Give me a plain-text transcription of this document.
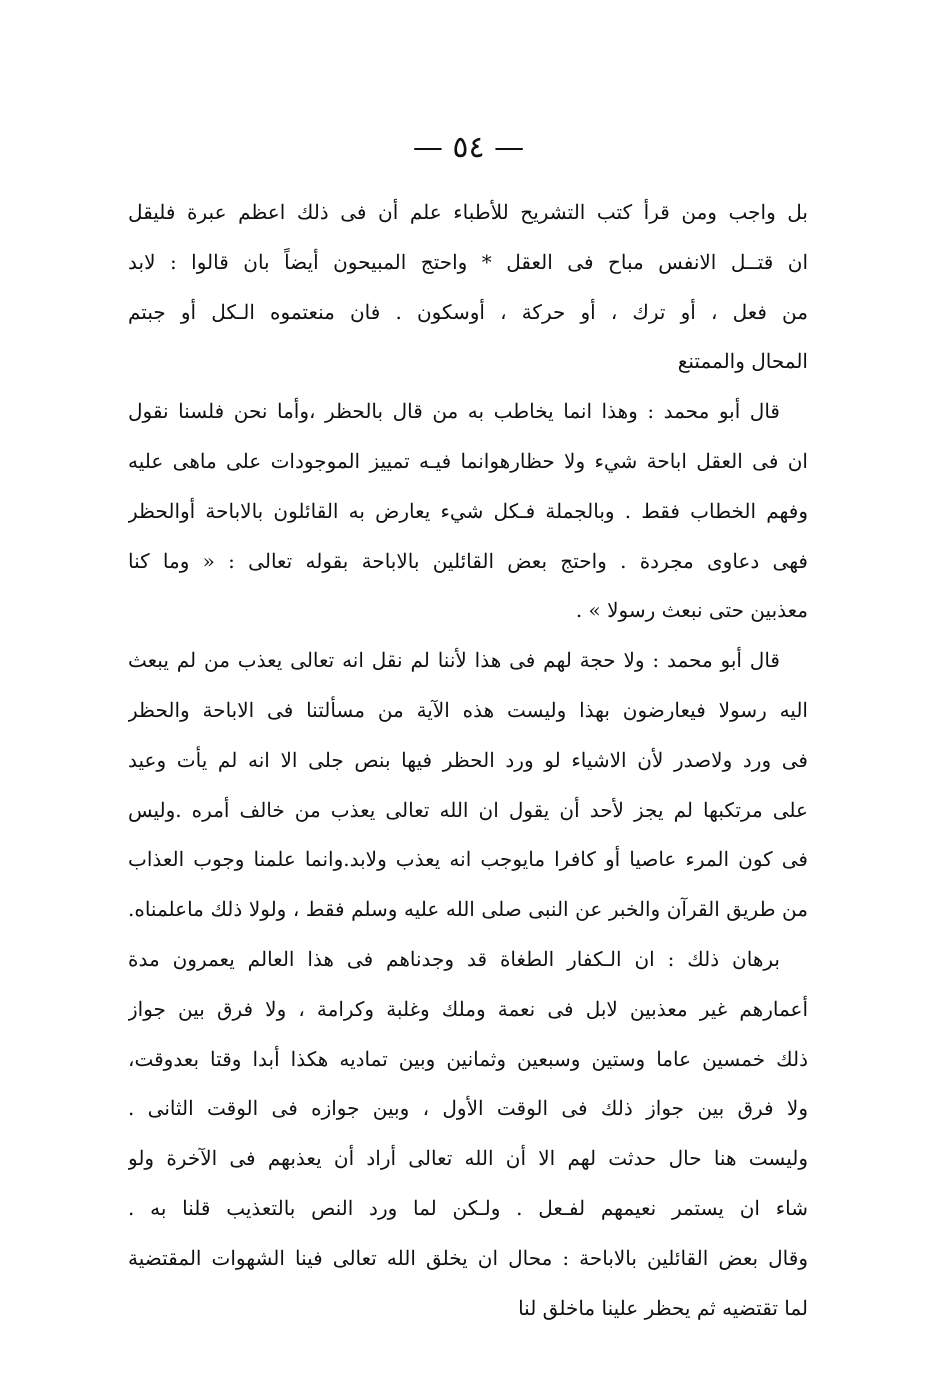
— ٥٤ —
بل واجب ومن قرأ كتب التشريح للأطباء علم أن فى ذلك اعظم عبرة فليقل
ان قتــل الانفس مباح فى العقل * واحتج المبيحون أيضاً بان قالوا : لابد
من فعل ، أو ترك ، أو حركة ، أوسكون . فان منعتموه الـكل أو جبتم
المحال والممتنع
قال أبو محمد : وهذا انما يخاطب به من قال بالحظر ،وأما نحن فلسنا نقول
ان فى العقل اباحة شيء ولا حظارهوانما فيـه تمييز الموجودات على ماهى عليه
وفهم الخطاب فقط . وبالجملة فـكل شيء يعارض به القائلون بالاباحة أوالحظر
فهى دعاوى مجردة . واحتج بعض القائلين بالاباحة بقوله تعالى : « وما كنا
معذبين حتى نبعث رسولا » .
قال أبو محمد : ولا حجة لهم فى هذا لأننا لم نقل انه تعالى يعذب من لم يبعث
اليه رسولا فيعارضون بهذا وليست هذه الآية من مسألتنا فى الاباحة والحظر
فى ورد ولاصدر لأن الاشياء لو ورد الحظر فيها بنص جلى الا انه لم يأت وعيد
على مرتكبها لم يجز لأحد أن يقول ان الله تعالى يعذب من خالف أمره .وليس
فى كون المرء عاصيا أو كافرا مايوجب انه يعذب ولابد.وانما علمنا وجوب العذاب
من طريق القرآن والخبر عن النبى صلى الله عليه وسلم فقط ، ولولا ذلك ماعلمناه.
برهان ذلك : ان الـكفار الطغاة قد وجدناهم فى هذا العالم يعمرون مدة
أعمارهم غير معذبين لابل فى نعمة وملك وغلبة وكرامة ، ولا فرق بين جواز
ذلك خمسين عاما وستين وسبعين وثمانين وبين تماديه هكذا أبدا وقتا بعدوقت،
ولا فرق بين جواز ذلك فى الوقت الأول ، وبين جوازه فى الوقت الثانى .
وليست هنا حال حدثت لهم الا أن الله تعالى أراد أن يعذبهم فى الآخرة ولو
شاء ان يستمر نعيمهم لفـعل . ولـكن لما ورد النص بالتعذيب قلنا به .
وقال بعض القائلين بالاباحة : محال ان يخلق الله تعالى فينا الشهوات المقتضية
لما تقتضيه ثم يحظر علينا ماخلق لنا
